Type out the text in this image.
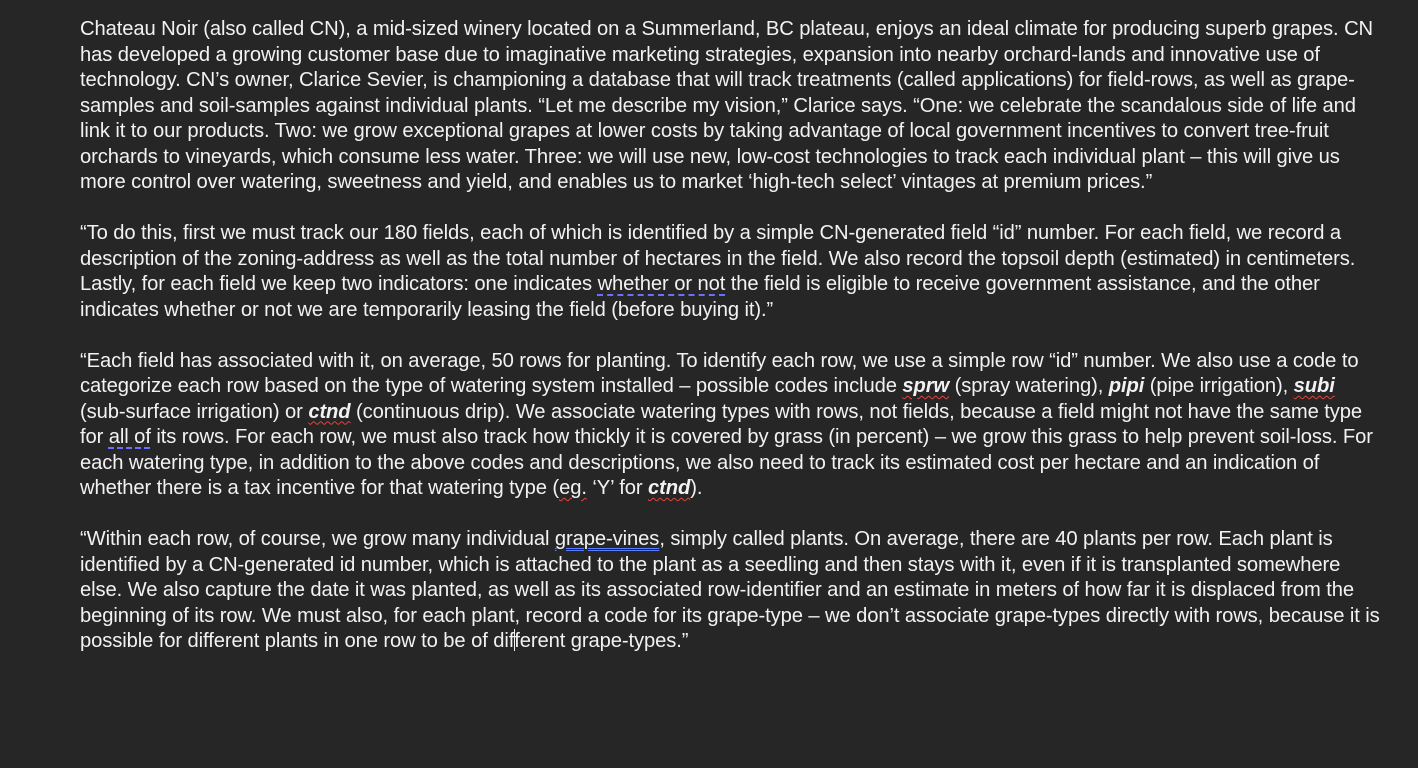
Chateau Noir (also called CN), a mid-sized winery located on a Summerland, BC plateau, enjoys an ideal climate for producing superb grapes. CN has developed a growing customer base due to imaginative marketing strategies, expansion into nearby orchard-lands and innovative use of technology. CN’s owner, Clarice Sevier, is championing a database that will track treatments (called applications) for field-rows, as well as grape-samples and soil-samples against individual plants. “Let me describe my vision,” Clarice says. “One: we celebrate the scandalous side of life and link it to our products. Two: we grow exceptional grapes at lower costs by taking advantage of local government incentives to convert tree-fruit orchards to vineyards, which consume less water. Three: we will use new, low-cost technologies to track each individual plant – this will give us more control over watering, sweetness and yield, and enables us to market ‘high-tech select’ vintages at premium prices.”

“To do this, first we must track our 180 fields, each of which is identified by a simple CN-generated field “id” number. For each field, we record a description of the zoning-address as well as the total number of hectares in the field. We also record the topsoil depth (estimated) in centimeters. Lastly, for each field we keep two indicators: one indicates whether or not the field is eligible to receive government assistance, and the other indicates whether or not we are temporarily leasing the field (before buying it).”

“Each field has associated with it, on average, 50 rows for planting. To identify each row, we use a simple row “id” number. We also use a code to categorize each row based on the type of watering system installed – possible codes include sprw (spray watering), pipi (pipe irrigation), subi (sub-surface irrigation) or ctnd (continuous drip). We associate watering types with rows, not fields, because a field might not have the same type for all of its rows. For each row, we must also track how thickly it is covered by grass (in percent) – we grow this grass to help prevent soil-loss. For each watering type, in addition to the above codes and descriptions, we also need to track its estimated cost per hectare and an indication of whether there is a tax incentive for that watering type (eg. ‘Y’ for ctnd).

“Within each row, of course, we grow many individual grape-vines, simply called plants. On average, there are 40 plants per row. Each plant is identified by a CN-generated id number, which is attached to the plant as a seedling and then stays with it, even if it is transplanted somewhere else. We also capture the date it was planted, as well as its associated row-identifier and an estimate in meters of how far it is displaced from the beginning of its row. We must also, for each plant, record a code for its grape-type – we don’t associate grape-types directly with rows, because it is possible for different plants in one row to be of different grape-types.”
